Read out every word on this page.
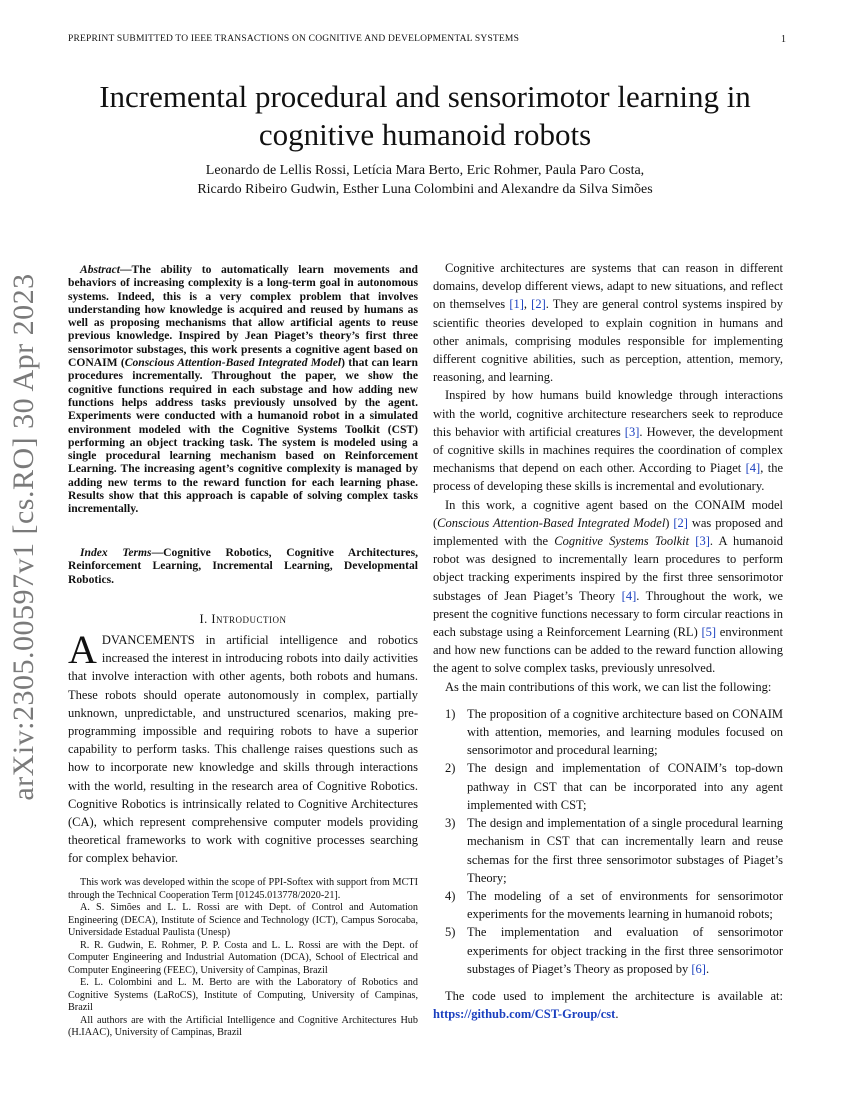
PREPRINT SUBMITTED TO IEEE TRANSACTIONS ON COGNITIVE AND DEVELOPMENTAL SYSTEMS	1
Incremental procedural and sensorimotor learning in cognitive humanoid robots
Leonardo de Lellis Rossi, Letícia Mara Berto, Eric Rohmer, Paula Paro Costa,
Ricardo Ribeiro Gudwin, Esther Luna Colombini and Alexandre da Silva Simões
arXiv:2305.00597v1 [cs.RO] 30 Apr 2023

Abstract—The ability to automatically learn movements and behaviors of increasing complexity is a long-term goal in autonomous systems. Indeed, this is a very complex problem that involves understanding how knowledge is acquired and reused by humans as well as proposing mechanisms that allow artificial agents to reuse previous knowledge. Inspired by Jean Piaget’s theory’s first three sensorimotor substages, this work presents a cognitive agent based on CONAIM (Conscious Attention-Based Integrated Model) that can learn procedures incrementally. Throughout the paper, we show the cognitive functions required in each substage and how adding new functions helps address tasks previously unsolved by the agent. Experiments were conducted with a humanoid robot in a simulated environment modeled with the Cognitive Systems Toolkit (CST) performing an object tracking task. The system is modeled using a single procedural learning mechanism based on Reinforcement Learning. The increasing agent’s cognitive complexity is managed by adding new terms to the reward function for each learning phase. Results show that this approach is capable of solving complex tasks incrementally.

Index Terms—Cognitive Robotics, Cognitive Architectures, Reinforcement Learning, Incremental Learning, Developmental Robotics.

I. Introduction

ADVANCEMENTS in artificial intelligence and robotics increased the interest in introducing robots into daily activities that involve interaction with other agents, both robots and humans. These robots should operate autonomously in complex, partially unknown, unpredictable, and unstructured scenarios, making pre-programming impossible and requiring robots to have a superior capability to perform tasks. This challenge raises questions such as how to incorporate new knowledge and skills through interactions with the world, resulting in the research area of Cognitive Robotics. Cognitive Robotics is intrinsically related to Cognitive Architectures (CA), which represent comprehensive computer models providing theoretical frameworks to work with cognitive processes searching for complex behavior.

This work was developed within the scope of PPI-Softex with support from MCTI through the Technical Cooperation Term [01245.013778/2020-21].

A. S. Simões and L. L. Rossi are with Dept. of Control and Automation Engineering (DECA), Institute of Science and Technology (ICT), Campus Sorocaba, Universidade Estadual Paulista (Unesp)

R. R. Gudwin, E. Rohmer, P. P. Costa and L. L. Rossi are with the Dept. of Computer Engineering and Industrial Automation (DCA), School of Electrical and Computer Engineering (FEEC), University of Campinas, Brazil

E. L. Colombini and L. M. Berto are with the Laboratory of Robotics and Cognitive Systems (LaRoCS), Institute of Computing, University of Campinas, Brazil

All authors are with the Artificial Intelligence and Cognitive Architectures Hub (H.IAAC), University of Campinas, Brazil

Cognitive architectures are systems that can reason in different domains, develop different views, adapt to new situations, and reflect on themselves [1], [2]. They are general control systems inspired by scientific theories developed to explain cognition in humans and other animals, comprising modules responsible for implementing different cognitive abilities, such as perception, attention, memory, reasoning, and learning.

Inspired by how humans build knowledge through interactions with the world, cognitive architecture researchers seek to reproduce this behavior with artificial creatures [3]. However, the development of cognitive skills in machines requires the coordination of complex mechanisms that depend on each other. According to Piaget [4], the process of developing these skills is incremental and evolutionary.

In this work, a cognitive agent based on the CONAIM model (Conscious Attention-Based Integrated Model) [2] was proposed and implemented with the Cognitive Systems Toolkit [3]. A humanoid robot was designed to incrementally learn procedures to perform object tracking experiments inspired by the first three sensorimotor substages of Jean Piaget’s Theory [4]. Throughout the work, we present the cognitive functions necessary to form circular reactions in each substage using a Reinforcement Learning (RL) [5] environment and how new functions can be added to the reward function allowing the agent to solve complex tasks, previously unresolved.

As the main contributions of this work, we can list the following:

1) The proposition of a cognitive architecture based on CONAIM with attention, memories, and learning modules focused on sensorimotor and procedural learning;
2) The design and implementation of CONAIM’s top-down pathway in CST that can be incorporated into any agent implemented with CST;
3) The design and implementation of a single procedural learning mechanism in CST that can incrementally learn and reuse schemas for the first three sensorimotor substages of Piaget’s Theory;
4) The modeling of a set of environments for sensorimotor experiments for the movements learning in humanoid robots;
5) The implementation and evaluation of sensorimotor experiments for object tracking in the first three sensorimotor substages of Piaget’s Theory as proposed by [6].

The code used to implement the architecture is available at: https://github.com/CST-Group/cst.
